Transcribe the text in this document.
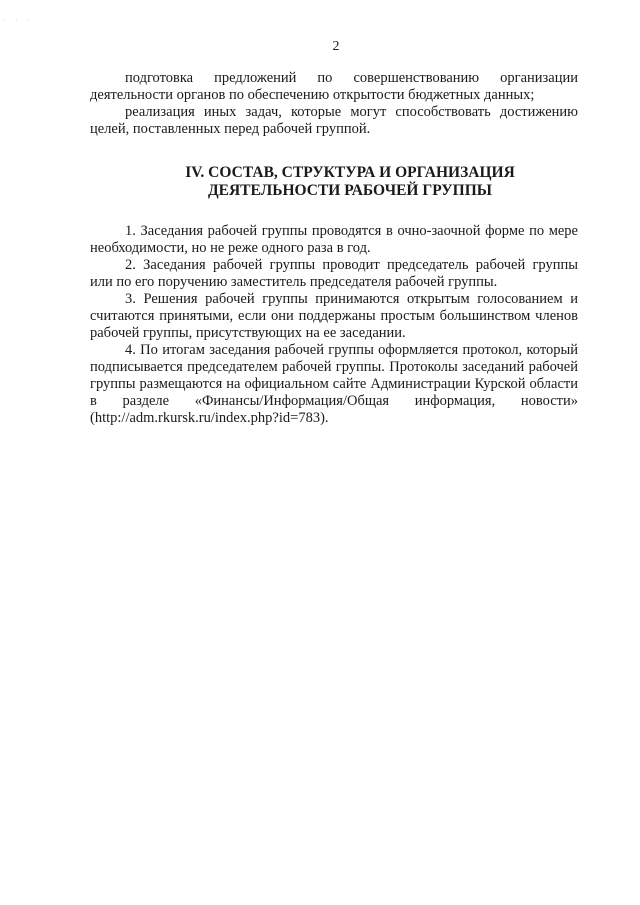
· · · ·
2

подготовка предложений по совершенствованию организации деятельности органов по обеспечению открытости бюджетных данных;

реализация иных задач, которые могут способствовать достижению целей, поставленных перед рабочей группой.

IV. СОСТАВ, СТРУКТУРА И ОРГАНИЗАЦИЯ
ДЕЯТЕЛЬНОСТИ РАБОЧЕЙ ГРУППЫ

1. Заседания рабочей группы проводятся в очно-заочной форме по мере необходимости, но не реже одного раза в год.

2. Заседания рабочей группы проводит председатель рабочей группы или по его поручению заместитель председателя рабочей группы.

3. Решения рабочей группы принимаются открытым голосованием и считаются принятыми, если они поддержаны простым большинством членов рабочей группы, присутствующих на ее заседании.

4. По итогам заседания рабочей группы оформляется протокол, который подписывается председателем рабочей группы. Протоколы заседаний рабочей группы размещаются на официальном сайте Администрации Курской области в разделе «Финансы/Информация/Общая информация, новости» (http://adm.rkursk.ru/index.php?id=783).
